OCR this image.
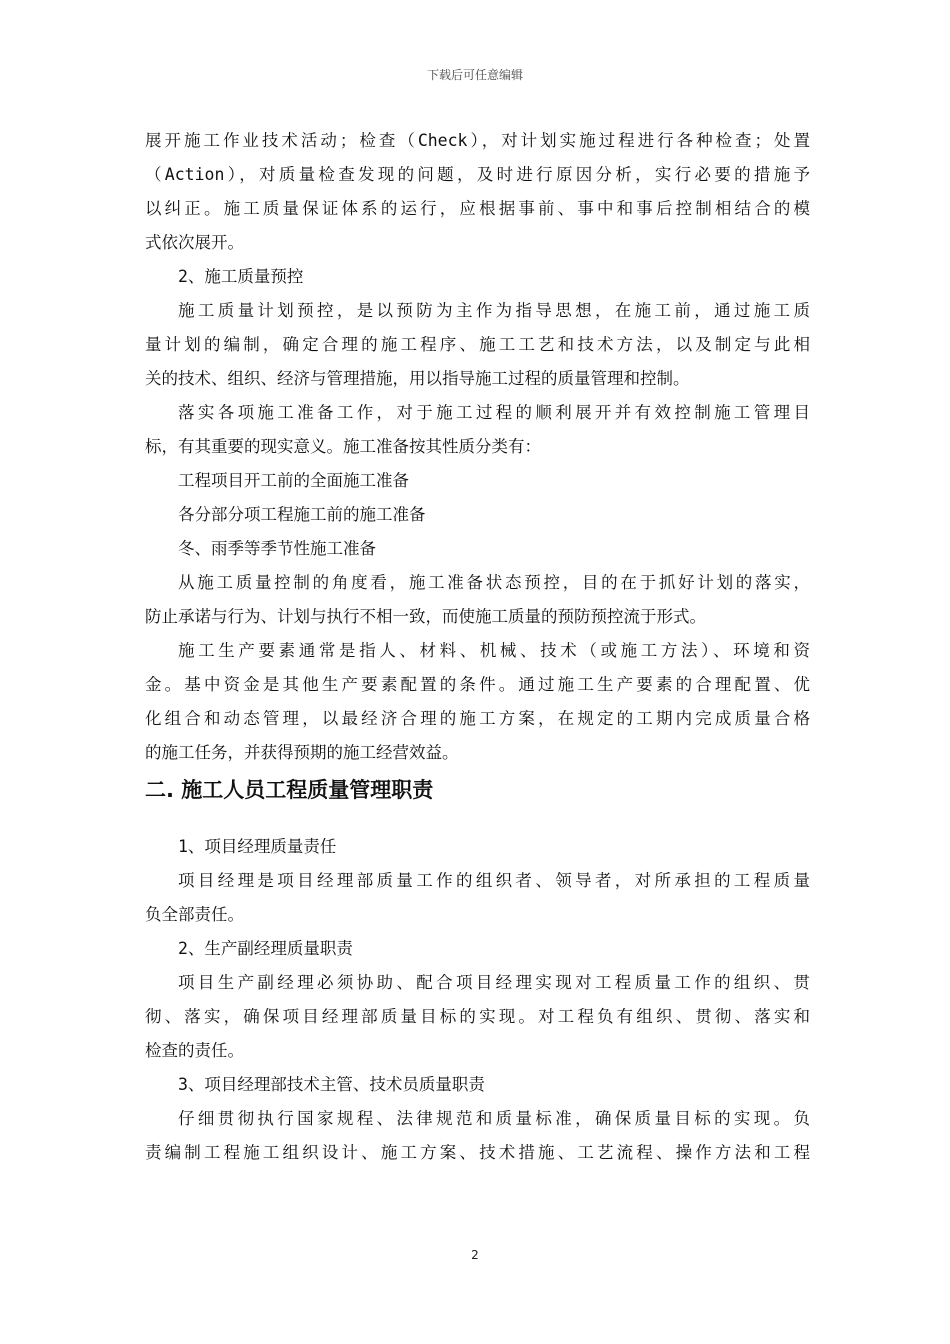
下载后可任意编辑
展开施工作业技术活动；检查（Check），对计划实施过程进行各种检查；处置
（Action），对质量检查发现的问题，及时进行原因分析，实行必要的措施予
以纠正。施工质量保证体系的运行，应根据事前、事中和事后控制相结合的模
式依次展开。
2、施工质量预控
施工质量计划预控，是以预防为主作为指导思想，在施工前，通过施工质
量计划的编制，确定合理的施工程序、施工工艺和技术方法，以及制定与此相
关的技术、组织、经济与管理措施，用以指导施工过程的质量管理和控制。
落实各项施工准备工作，对于施工过程的顺利展开并有效控制施工管理目
标，有其重要的现实意义。施工准备按其性质分类有：
工程项目开工前的全面施工准备
各分部分项工程施工前的施工准备
冬、雨季等季节性施工准备
从施工质量控制的角度看，施工准备状态预控，目的在于抓好计划的落实，
防止承诺与行为、计划与执行不相一致，而使施工质量的预防预控流于形式。
施工生产要素通常是指人、材料、机械、技术（或施工方法）、环境和资
金。基中资金是其他生产要素配置的条件。通过施工生产要素的合理配置、优
化组合和动态管理，以最经济合理的施工方案，在规定的工期内完成质量合格
的施工任务，并获得预期的施工经营效益。
二. 施工人员工程质量管理职责
1、项目经理质量责任
项目经理是项目经理部质量工作的组织者、领导者，对所承担的工程质量
负全部责任。
2、生产副经理质量职责
项目生产副经理必须协助、配合项目经理实现对工程质量工作的组织、贯
彻、落实，确保项目经理部质量目标的实现。对工程负有组织、贯彻、落实和
检查的责任。
3、项目经理部技术主管、技术员质量职责
仔细贯彻执行国家规程、法律规范和质量标准，确保质量目标的实现。负
责编制工程施工组织设计、施工方案、技术措施、工艺流程、操作方法和工程
2
